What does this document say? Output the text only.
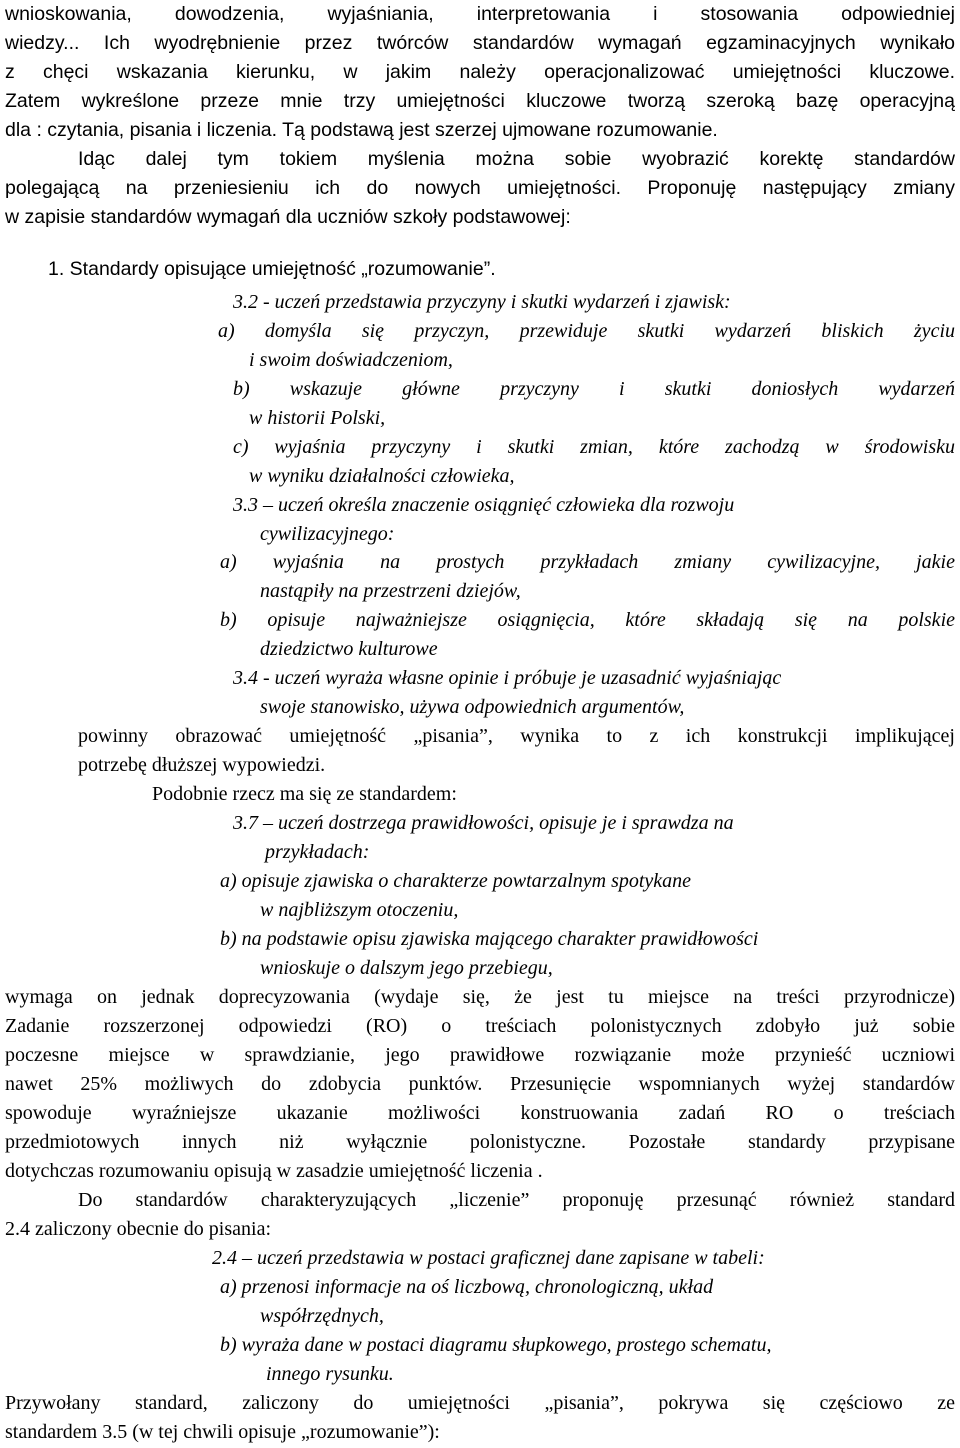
wnioskowania, dowodzenia, wyjaśniania, interpretowania i stosowania odpowiedniej
wiedzy... Ich wyodrębnienie przez twórców standardów wymagań egzaminacyjnych wynikało
z chęci wskazania kierunku, w jakim należy operacjonalizować umiejętności kluczowe.
Zatem wykreślone przeze mnie trzy umiejętności kluczowe tworzą szeroką bazę operacyjną
dla : czytania, pisania i liczenia. Tą podstawą jest szerzej ujmowane rozumowanie.
Idąc dalej tym tokiem myślenia można sobie wyobrazić korektę standardów
polegającą na przeniesieniu ich do nowych umiejętności. Proponuję następujący zmiany
w zapisie standardów wymagań dla uczniów szkoły podstawowej:
1. Standardy opisujące umiejętność „rozumowanie”.
3.2 - uczeń przedstawia przyczyny i skutki wydarzeń i zjawisk:
a) domyśla się przyczyn, przewiduje skutki wydarzeń bliskich życiu
i swoim doświadczeniom,
b) wskazuje główne przyczyny i skutki doniosłych wydarzeń
w historii Polski,
c) wyjaśnia przyczyny i skutki zmian, które zachodzą w środowisku
w wyniku działalności człowieka,
3.3 – uczeń określa znaczenie osiągnięć człowieka dla rozwoju
cywilizacyjnego:
a) wyjaśnia na prostych przykładach zmiany cywilizacyjne, jakie
nastąpiły na przestrzeni dziejów,
b) opisuje najważniejsze osiągnięcia, które składają się na polskie
dziedzictwo kulturowe
3.4 - uczeń wyraża własne opinie i próbuje je uzasadnić wyjaśniając
swoje stanowisko, używa odpowiednich argumentów,
powinny obrazować umiejętność „pisania”, wynika to z ich konstrukcji implikującej
potrzebę dłuższej wypowiedzi.
Podobnie rzecz ma się ze standardem:
3.7 – uczeń dostrzega prawidłowości, opisuje je i sprawdza na
przykładach:
a) opisuje zjawiska o charakterze powtarzalnym spotykane
w najbliższym otoczeniu,
b) na podstawie opisu zjawiska mającego charakter prawidłowości
wnioskuje o dalszym jego przebiegu,
wymaga on jednak doprecyzowania (wydaje się, że jest tu miejsce na treści przyrodnicze)
Zadanie rozszerzonej odpowiedzi (RO) o treściach polonistycznych zdobyło już sobie
poczesne miejsce w sprawdzianie, jego prawidłowe rozwiązanie może przynieść uczniowi
nawet 25% możliwych do zdobycia punktów. Przesunięcie wspomnianych wyżej standardów
spowoduje wyraźniejsze ukazanie możliwości konstruowania zadań RO o treściach
przedmiotowych innych niż wyłącznie polonistyczne. Pozostałe standardy przypisane
dotychczas rozumowaniu opisują w zasadzie umiejętność liczenia .
Do standardów charakteryzujących „liczenie” proponuję przesunąć również standard
2.4 zaliczony obecnie do pisania:
2.4 – uczeń przedstawia w postaci graficznej dane zapisane w tabeli:
a) przenosi informacje na oś liczbową, chronologiczną, układ
współrzędnych,
b) wyraża dane w postaci diagramu słupkowego, prostego schematu,
innego rysunku.
Przywołany standard, zaliczony do umiejętności „pisania”, pokrywa się częściowo ze
standardem 3.5 (w tej chwili opisuje „rozumowanie”):
